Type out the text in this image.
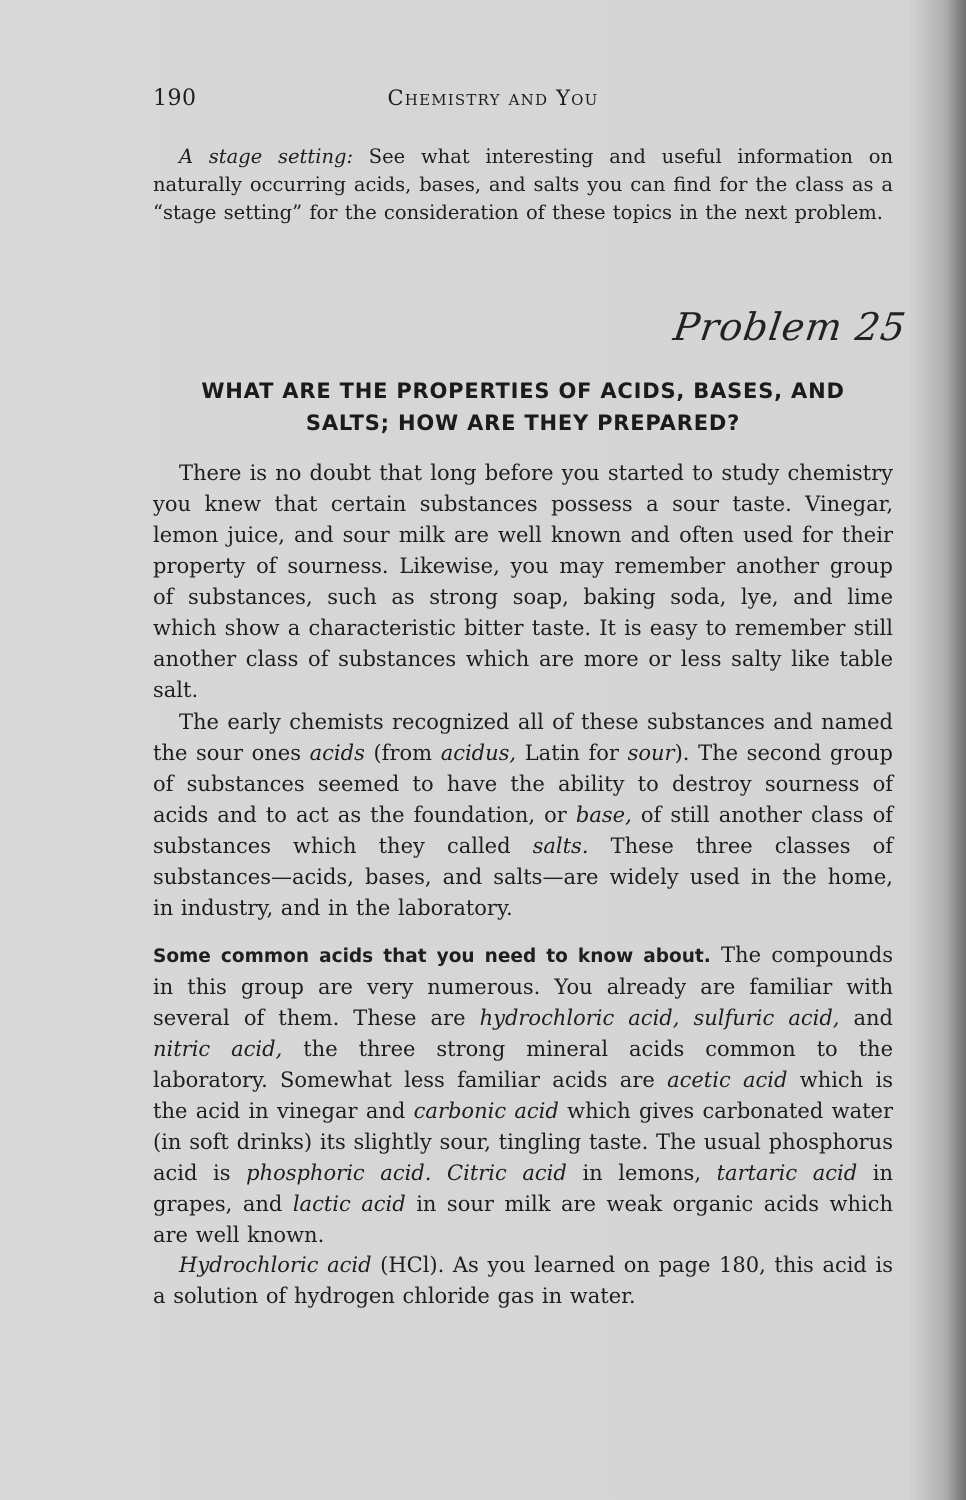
190	Chemistry and You

A stage setting: See what interesting and useful information on naturally occurring acids, bases, and salts you can find for the class as a “stage setting” for the consideration of these topics in the next problem.

Problem 25
WHAT ARE THE PROPERTIES OF ACIDS, BASES, AND
SALTS; HOW ARE THEY PREPARED?

There is no doubt that long before you started to study chemistry you knew that certain substances possess a sour taste. Vinegar, lemon juice, and sour milk are well known and often used for their property of sourness. Likewise, you may remember another group of substances, such as strong soap, baking soda, lye, and lime which show a characteristic bitter taste. It is easy to remember still another class of substances which are more or less salty like table salt.

The early chemists recognized all of these substances and named the sour ones acids (from acidus, Latin for sour). The second group of substances seemed to have the ability to destroy sourness of acids and to act as the foundation, or base, of still another class of substances which they called salts. These three classes of substances—acids, bases, and salts—are widely used in the home, in industry, and in the laboratory.

Some common acids that you need to know about. The compounds in this group are very numerous. You already are familiar with several of them. These are hydrochloric acid, sulfuric acid, and nitric acid, the three strong mineral acids common to the laboratory. Somewhat less familiar acids are acetic acid which is the acid in vinegar and carbonic acid which gives carbonated water (in soft drinks) its slightly sour, tingling taste. The usual phosphorus acid is phosphoric acid. Citric acid in lemons, tartaric acid in grapes, and lactic acid in sour milk are weak organic acids which are well known.

Hydrochloric acid (HCl). As you learned on page 180, this acid is a solution of hydrogen chloride gas in water.
